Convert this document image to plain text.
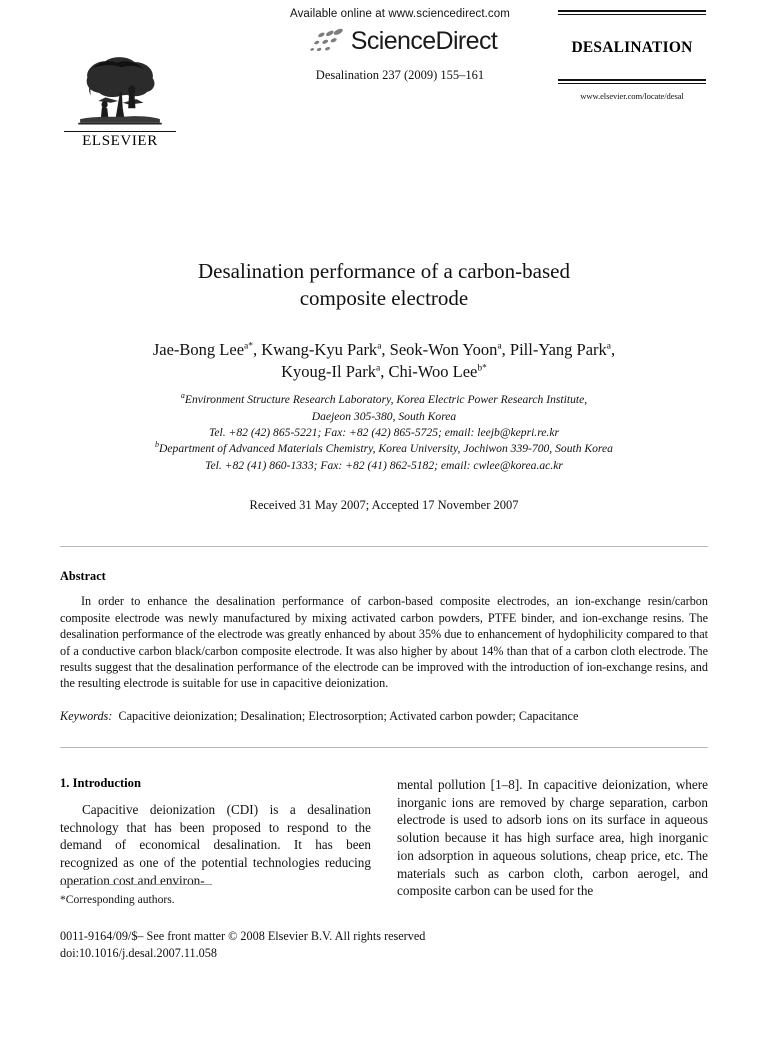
ELSEVIER
Available online at www.sciencedirect.com
ScienceDirect
Desalination 237 (2009) 155–161
DESALINATION
www.elsevier.com/locate/desal
Desalination performance of a carbon-based
composite electrode
Jae-Bong Lee$^{a*}$, Kwang-Kyu Park$^a$, Seok-Won Yoon$^a$, Pill-Yang Park$^a$,
Kyoug-Il Park$^a$, Chi-Woo Lee$^{b*}$
$^a$Environment Structure Research Laboratory, Korea Electric Power Research Institute,
Daejeon 305-380, South Korea
Tel. +82 (42) 865-5221; Fax: +82 (42) 865-5725; email: leejb@kepri.re.kr
$^b$Department of Advanced Materials Chemistry, Korea University, Jochiwon 339-700, South Korea
Tel. +82 (41) 860-1333; Fax: +82 (41) 862-5182; email: cwlee@korea.ac.kr
Received 31 May 2007; Accepted 17 November 2007
Abstract
In order to enhance the desalination performance of carbon-based composite electrodes, an ion-exchange resin/carbon composite electrode was newly manufactured by mixing activated carbon powders, PTFE binder, and ion-exchange resins. The desalination performance of the electrode was greatly enhanced by about 35% due to enhancement of hydophilicity compared to that of a conductive carbon black/carbon composite electrode. It was also higher by about 14% than that of a carbon cloth electrode. The results suggest that the desalination performance of the electrode can be improved with the introduction of ion-exchange resins, and the resulting electrode is suitable for use in capacitive deionization.
Keywords: Capacitive deionization; Desalination; Electrosorption; Activated carbon powder; Capacitance
1. Introduction

Capacitive deionization (CDI) is a desalination technology that has been proposed to respond to the demand of economical desalination. It has been recognized as one of the potential technologies reducing operation cost and environ-

mental pollution [1–8]. In capacitive deionization, where inorganic ions are removed by charge separation, carbon electrode is used to adsorb ions on its surface in aqueous solution because it has high surface area, high inorganic ion adsorption in aqueous solutions, cheap price, etc. The materials such as carbon cloth, carbon aerogel, and composite carbon can be used for the

*Corresponding authors.
0011-9164/09/$– See front matter © 2008 Elsevier B.V. All rights reserved
doi:10.1016/j.desal.2007.11.058
